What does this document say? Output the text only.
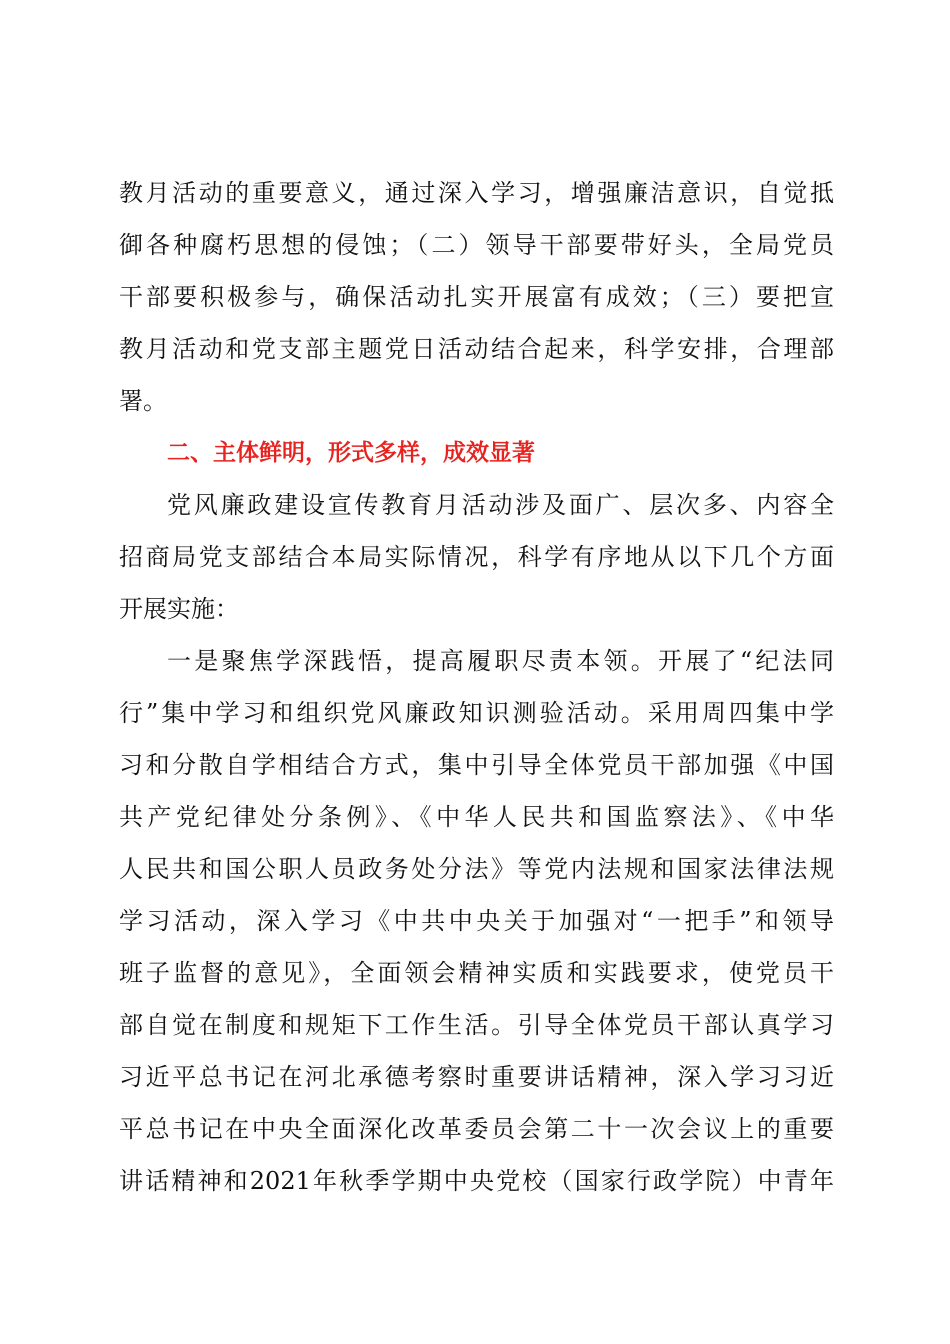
教月活动的重要意义，通过深入学习，增强廉洁意识，自觉抵
御各种腐朽思想的侵蚀；（二）领导干部要带好头，全局党员
干部要积极参与，确保活动扎实开展富有成效；（三）要把宣
教月活动和党支部主题党日活动结合起来，科学安排，合理部
署。
二、主体鲜明，形式多样，成效显著
党风廉政建设宣传教育月活动涉及面广、层次多、内容全
招商局党支部结合本局实际情况，科学有序地从以下几个方面
开展实施：
一是聚焦学深践悟，提高履职尽责本领。开展了“纪法同
行”集中学习和组织党风廉政知识测验活动。采用周四集中学
习和分散自学相结合方式，集中引导全体党员干部加强《中国
共产党纪律处分条例》、《中华人民共和国监察法》、《中华
人民共和国公职人员政务处分法》等党内法规和国家法律法规
学习活动，深入学习《中共中央关于加强对“一把手”和领导
班子监督的意见》，全面领会精神实质和实践要求，使党员干
部自觉在制度和规矩下工作生活。引导全体党员干部认真学习
习近平总书记在河北承德考察时重要讲话精神，深入学习习近
平总书记在中央全面深化改革委员会第二十一次会议上的重要
讲话精神和2021年秋季学期中央党校（国家行政学院）中青年
